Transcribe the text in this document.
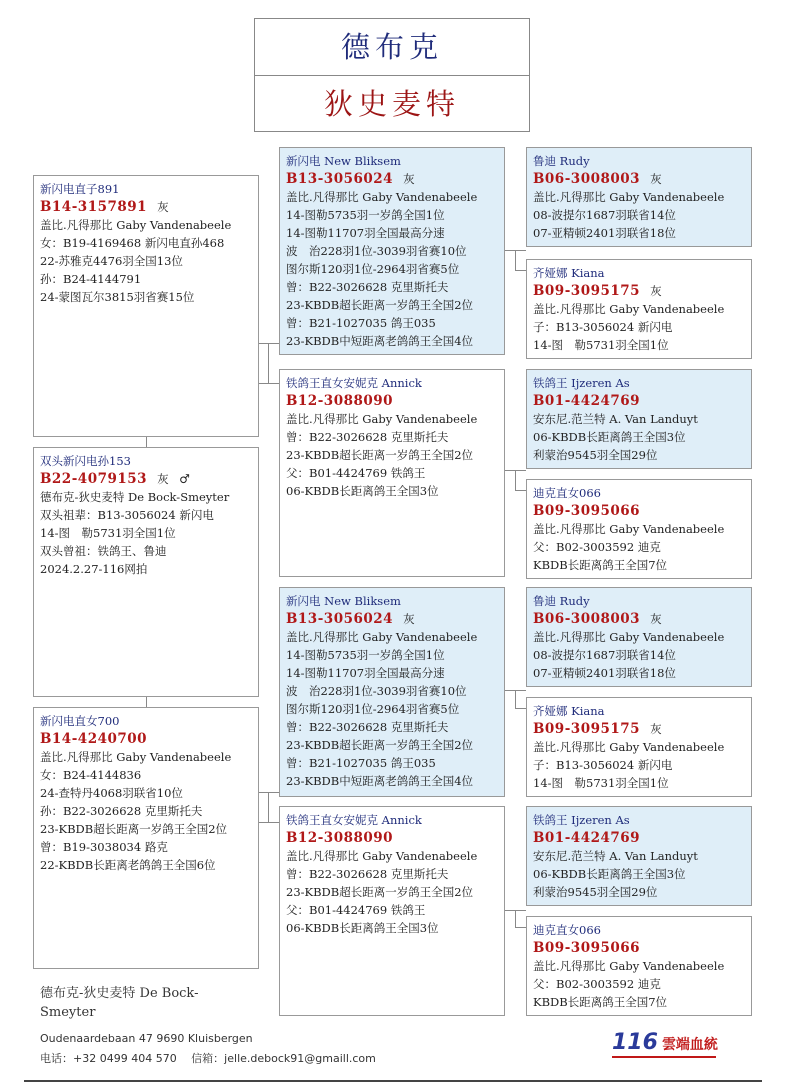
德布克
狄史麦特
新闪电直子891
B14-3157891 灰
盖比.凡得那比 Gaby Vandenabeele
女：B19-4169468 新闪电直孙468
22-苏雅克4476羽全国13位
孙：B24-4144791
24-蒙图瓦尔3815羽省赛15位
双头新闪电孙153
B22-4079153 灰 ♂
德布克-狄史麦特 De Bock-Smeyter
双头祖辈：B13-3056024 新闪电
14-图　勒5731羽全国1位
双头曾祖：铁鸽王、鲁迪
2024.2.27-116网拍
新闪电直女700
B14-4240700
盖比.凡得那比 Gaby Vandenabeele
女：B24-4144836
24-查特丹4068羽联省10位
孙：B22-3026628 克里斯托夫
23-KBDB超长距离一岁鸽王全国2位
曾：B19-3038034 路克
22-KBDB长距离老鸽鸽王全国6位
新闪电 New Bliksem
B13-3056024 灰
盖比.凡得那比 Gaby Vandenabeele
14-图勒5735羽一岁鸽全国1位
14-图勒11707羽全国最高分速
波　治228羽1位-3039羽省赛10位
图尔斯120羽1位-2964羽省赛5位
曾：B22-3026628 克里斯托夫
23-KBDB超长距离一岁鸽王全国2位
曾：B21-1027035 鸽王035
23-KBDB中短距离老鸽鸽王全国4位
铁鸽王直女安妮克 Annick
B12-3088090
盖比.凡得那比 Gaby Vandenabeele
曾：B22-3026628 克里斯托夫
23-KBDB超长距离一岁鸽王全国2位
父：B01-4424769 铁鸽王
06-KBDB长距离鸽王全国3位
新闪电 New Bliksem
B13-3056024 灰
盖比.凡得那比 Gaby Vandenabeele
14-图勒5735羽一岁鸽全国1位
14-图勒11707羽全国最高分速
波　治228羽1位-3039羽省赛10位
图尔斯120羽1位-2964羽省赛5位
曾：B22-3026628 克里斯托夫
23-KBDB超长距离一岁鸽王全国2位
曾：B21-1027035 鸽王035
23-KBDB中短距离老鸽鸽王全国4位
铁鸽王直女安妮克 Annick
B12-3088090
盖比.凡得那比 Gaby Vandenabeele
曾：B22-3026628 克里斯托夫
23-KBDB超长距离一岁鸽王全国2位
父：B01-4424769 铁鸽王
06-KBDB长距离鸽王全国3位
鲁迪 Rudy
B06-3008003 灰
盖比.凡得那比 Gaby Vandenabeele
08-波提尔1687羽联省14位
07-亚精顿2401羽联省18位
齐娅娜 Kiana
B09-3095175 灰
盖比.凡得那比 Gaby Vandenabeele
子：B13-3056024 新闪电
14-图　勒5731羽全国1位
铁鸽王 Ijzeren As
B01-4424769
安东尼.范兰特 A. Van Landuyt
06-KBDB长距离鸽王全国3位
利蒙治9545羽全国29位
迪克直女066
B09-3095066
盖比.凡得那比 Gaby Vandenabeele
父：B02-3003592 迪克
KBDB长距离鸽王全国7位
鲁迪 Rudy
B06-3008003 灰
盖比.凡得那比 Gaby Vandenabeele
08-波提尔1687羽联省14位
07-亚精顿2401羽联省18位
齐娅娜 Kiana
B09-3095175 灰
盖比.凡得那比 Gaby Vandenabeele
子：B13-3056024 新闪电
14-图　勒5731羽全国1位
铁鸽王 Ijzeren As
B01-4424769
安东尼.范兰特 A. Van Landuyt
06-KBDB长距离鸽王全国3位
利蒙治9545羽全国29位
迪克直女066
B09-3095066
盖比.凡得那比 Gaby Vandenabeele
父：B02-3003592 迪克
KBDB长距离鸽王全国7位
德布克-狄史麦特 De Bock-Smeyter
Oudenaardebaan 47 9690 Kluisbergen
电话：+32 0499 404 570　 信箱：jelle.debock91@gmaill.com
116 雲端血統
